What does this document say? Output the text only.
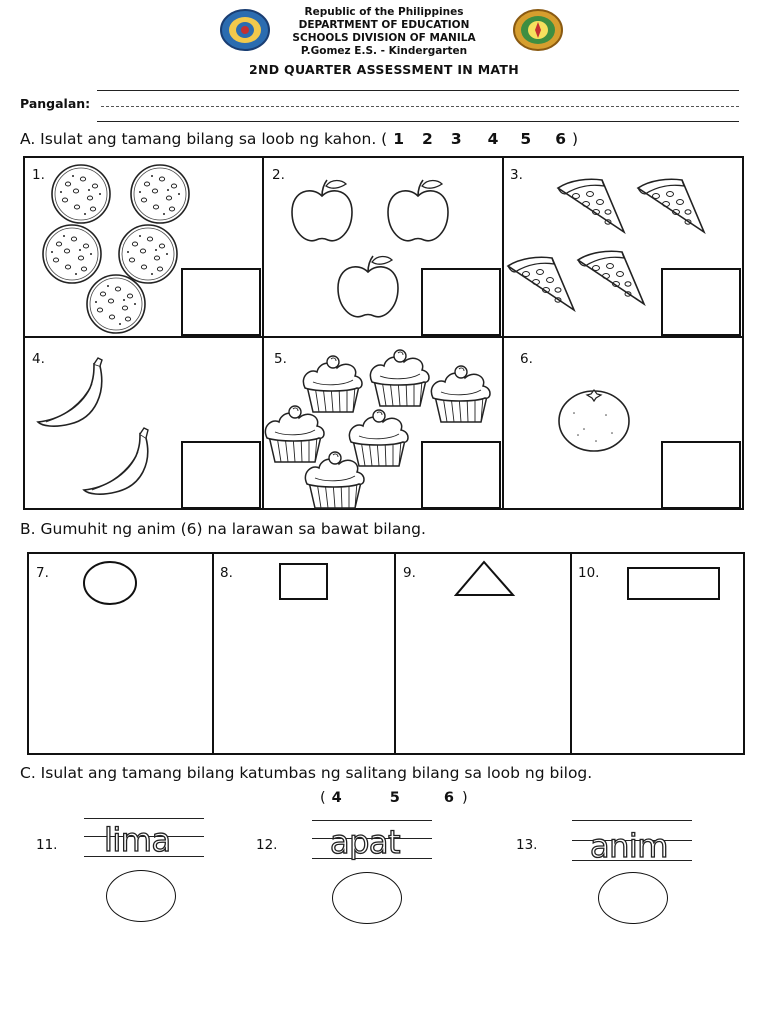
Republic of the Philippines
DEPARTMENT OF EDUCATION
SCHOOLS DIVISION OF MANILA
P.Gomez E.S. - Kindergarten
2ND QUARTER ASSESSMENT IN MATH
Pangalan:
A. Isulat ang tamang bilang sa loob ng kahon. ( 1 2 3 4 5 6 )
1.	2.	3.
4.	5.	6.
B. Gumuhit ng anim (6) na larawan sa bawat bilang.
7.	8.	9.	10.
C. Isulat ang tamang bilang katumbas ng salitang bilang sa loob ng bilog.
( 4	5	6 )
11. lima	12. apat	13. anim
